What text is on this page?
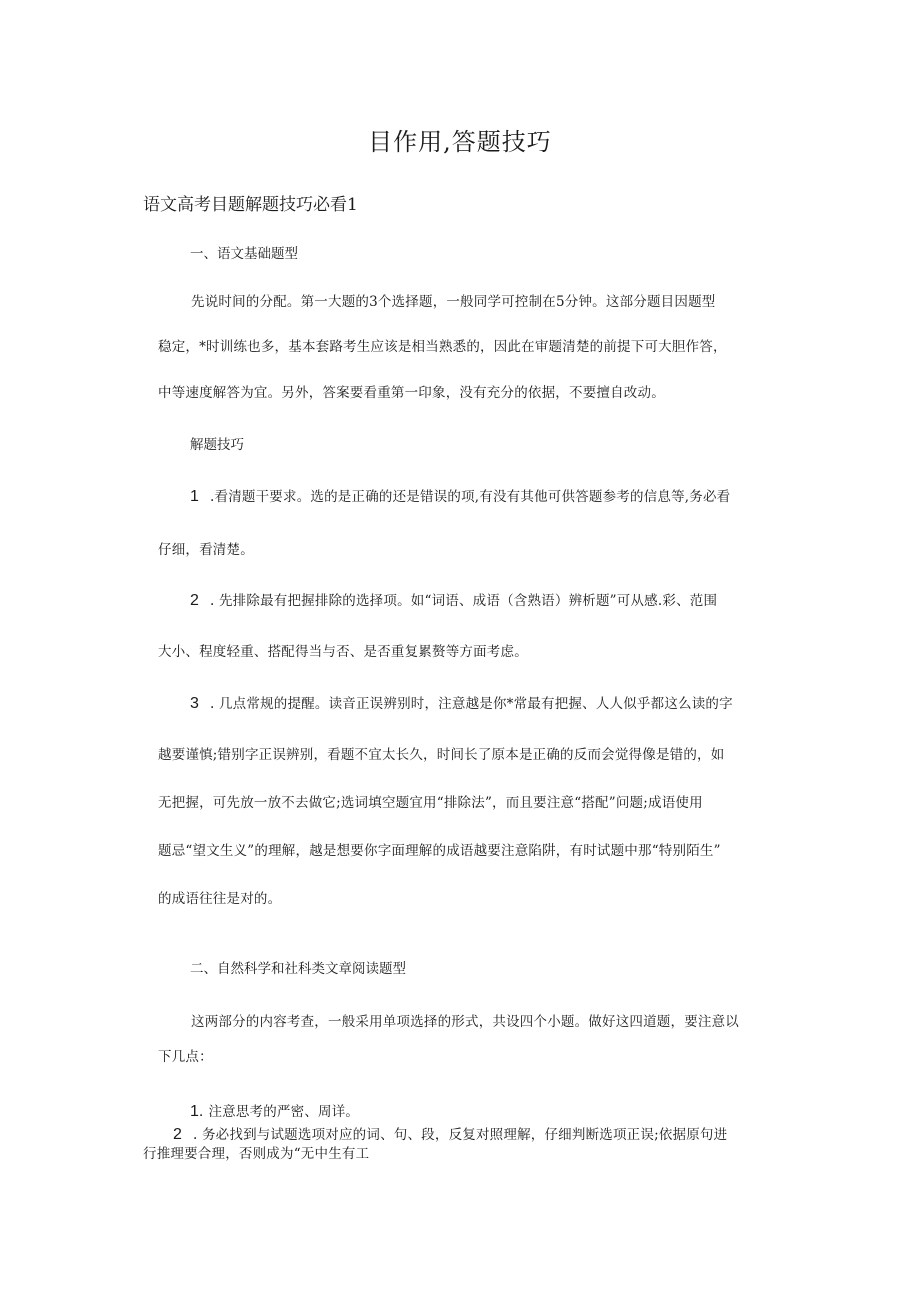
目作用,答题技巧
语文高考目题解题技巧必看1
一、语文基础题型
先说时间的分配。第一大题的3个选择题，一般同学可控制在5分钟。这部分题目因题型
稳定，*时训练也多，基本套路考生应该是相当熟悉的，因此在审题清楚的前提下可大胆作答，
中等速度解答为宜。另外，答案要看重第一印象，没有充分的依据，不要擅自改动。
解题技巧
1 .看清题干要求。选的是正确的还是错误的项,有没有其他可供答题参考的信息等,务必看
仔细，看清楚。
2 . 先排除最有把握排除的选择项。如“词语、成语（含熟语）辨析题”可从感.彩、范围
大小、程度轻重、搭配得当与否、是否重复累赘等方面考虑。
3 . 几点常规的提醒。读音正误辨别时，注意越是你*常最有把握、人人似乎都这么读的字
越要谨慎;错别字正误辨别，看题不宜太长久，时间长了原本是正确的反而会觉得像是错的，如
无把握，可先放一放不去做它;选词填空题宜用“排除法”，而且要注意“搭配”问题;成语使用
题忌“望文生义”的理解，越是想要你字面理解的成语越要注意陷阱，有时试题中那“特别陌生”
的成语往往是对的。
二、自然科学和社科类文章阅读题型
这两部分的内容考查，一般采用单项选择的形式，共设四个小题。做好这四道题，要注意以
下几点：
1. 注意思考的严密、周详。
2 . 务必找到与试题选项对应的词、句、段，反复对照理解，仔细判断选项正误;依据原句进
行推理要合理，否则成为“无中生有工
